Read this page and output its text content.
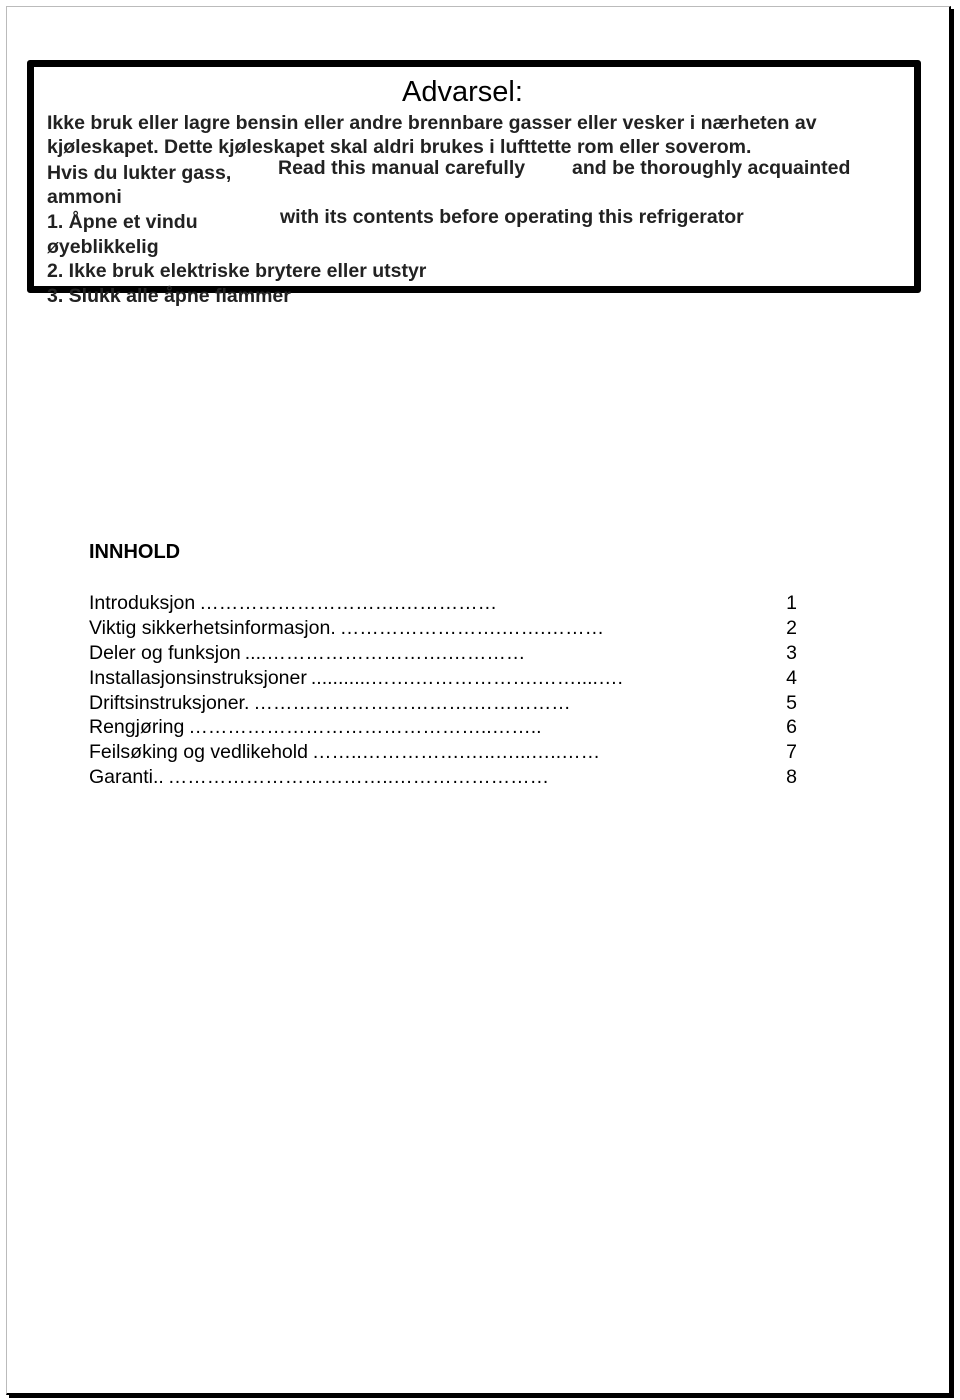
Advarsel:
Ikke bruk eller lagre bensin eller andre brennbare gasser eller vesker i nærheten av
kjøleskapet. Dette kjøleskapet skal aldri brukes i lufttette rom eller soverom.
Hvis du lukter gass, Read this manual carefully and be thoroughly acquainted
ammoni
1. Åpne et vindu	with its contents before operating this refrigerator
øyeblikkelig
2. Ikke bruk elektriske brytere eller utstyr
3. Slukk alle åpne flammer
INNHOLD
Introduksjon ………………………….……………	1
Viktig sikkerhetsinformasjon. …………………….…….………	2
Deler og funksjon ....……………………….…………	3
Installasjonsinstruksjoner ...........…….……………….……....….	4
Driftsinstruksjoner. …………………………….……………	5
Rengjøring ………………………………………..……..	6
Feilsøking og vedlikehold ……..…………….…..…...…..……	7
Garanti.. ……………………………..……………………	8
